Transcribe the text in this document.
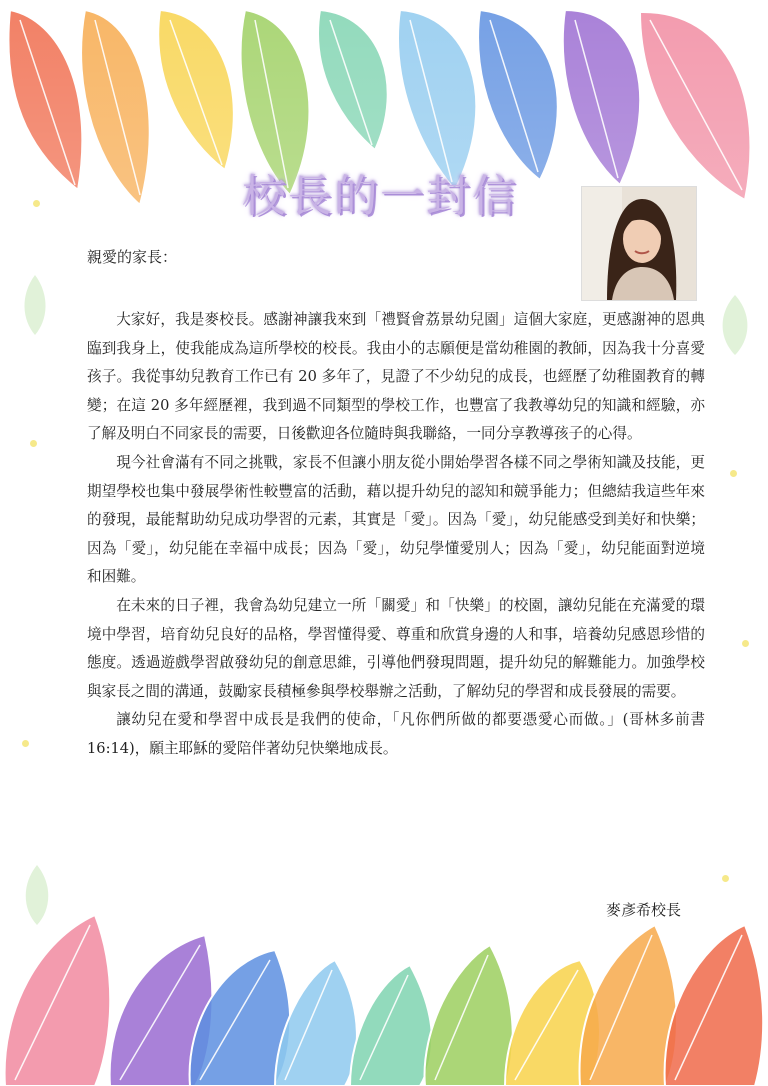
校長的一封信
親愛的家長：

大家好，我是麥校長。感謝神讓我來到「禮賢會荔景幼兒園」這個大家庭，更感謝神的恩典臨到我身上，使我能成為這所學校的校長。我由小的志願便是當幼稚園的教師，因為我十分喜愛孩子。我從事幼兒教育工作已有 20 多年了，見證了不少幼兒的成長，也經歷了幼稚園教育的轉變；在這 20 多年經歷裡，我到過不同類型的學校工作，也豐富了我教導幼兒的知識和經驗，亦了解及明白不同家長的需要，日後歡迎各位隨時與我聯絡，一同分享教導孩子的心得。

現今社會滿有不同之挑戰，家長不但讓小朋友從小開始學習各樣不同之學術知識及技能，更期望學校也集中發展學術性較豐富的活動，藉以提升幼兒的認知和競爭能力；但總結我這些年來的發現，最能幫助幼兒成功學習的元素，其實是「愛」。因為「愛」，幼兒能感受到美好和快樂；因為「愛」，幼兒能在幸福中成長；因為「愛」，幼兒學懂愛別人；因為「愛」，幼兒能面對逆境和困難。

在未來的日子裡，我會為幼兒建立一所「關愛」和「快樂」的校園，讓幼兒能在充滿愛的環境中學習，培育幼兒良好的品格，學習懂得愛、尊重和欣賞身邊的人和事，培養幼兒感恩珍惜的態度。透過遊戲學習啟發幼兒的創意思維，引導他們發現問題，提升幼兒的解難能力。加強學校與家長之間的溝通，鼓勵家長積極參與學校舉辦之活動，了解幼兒的學習和成長發展的需要。

讓幼兒在愛和學習中成長是我們的使命，「凡你們所做的都要憑愛心而做。」(哥林多前書 16:14)，願主耶穌的愛陪伴著幼兒快樂地成長。

麥彥希校長
